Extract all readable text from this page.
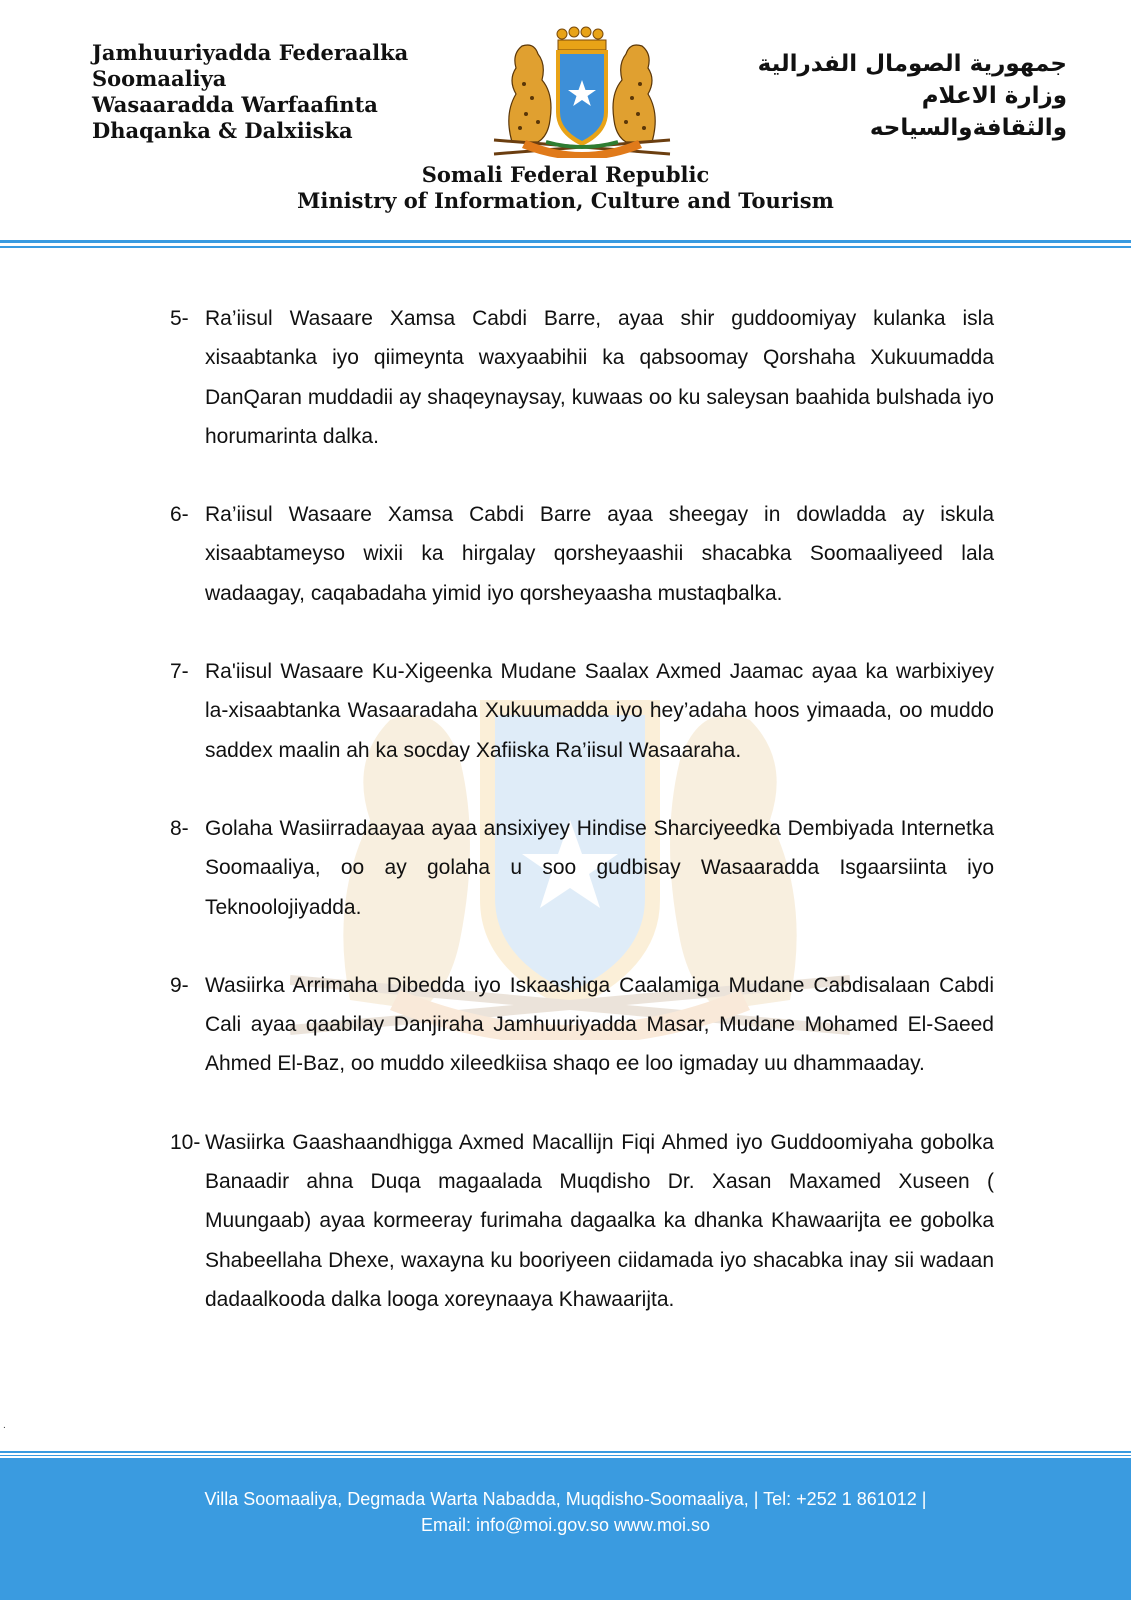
Jamhuuriyadda Federaalka
Soomaaliya
Wasaaradda Warfaafinta
Dhaqanka & Dalxiiska
جمهورية الصومال الفدرالية
وزارة الاعلام
والثقافةوالسياحه
Somali Federal Republic
Ministry of Information, Culture and Tourism
5- Ra’iisul Wasaare Xamsa Cabdi Barre, ayaa shir guddoomiyay kulanka isla xisaabtanka iyo qiimeynta waxyaabihii ka qabsoomay Qorshaha Xukuumadda DanQaran muddadii ay shaqeynaysay, kuwaas oo ku saleysan baahida bulshada iyo horumarinta dalka.

6- Ra’iisul Wasaare Xamsa Cabdi Barre ayaa sheegay in dowladda ay iskula xisaabtameyso wixii ka hirgalay qorsheyaashii shacabka Soomaaliyeed lala wadaagay, caqabadaha yimid iyo qorsheyaasha mustaqbalka.

7- Ra'iisul Wasaare Ku-Xigeenka Mudane Saalax Axmed Jaamac ayaa ka warbixiyey la-xisaabtanka Wasaaradaha Xukuumadda iyo hey’adaha hoos yimaada, oo muddo saddex maalin ah ka socday Xafiiska Ra’iisul Wasaaraha.

8- Golaha Wasiirradaayaa ayaa ansixiyey Hindise Sharciyeedka Dembiyada Internetka Soomaaliya, oo ay golaha u soo gudbisay Wasaaradda Isgaarsiinta iyo Teknoolojiyadda.

9- Wasiirka Arrimaha Dibedda iyo Iskaashiga Caalamiga Mudane Cabdisalaan Cabdi Cali ayaa qaabilay Danjiraha Jamhuuriyadda Masar, Mudane Mohamed El-Saeed Ahmed El-Baz, oo muddo xileedkiisa shaqo ee loo igmaday uu dhammaaday.

10- Wasiirka Gaashaandhigga Axmed Macallijn Fiqi Ahmed iyo Guddoomiyaha gobolka Banaadir ahna Duqa magaalada Muqdisho Dr. Xasan Maxamed Xuseen ( Muungaab) ayaa kormeeray furimaha dagaalka ka dhanka Khawaarijta ee gobolka Shabeellaha Dhexe, waxayna ku booriyeen ciidamada iyo shacabka inay sii wadaan dadaalkooda dalka looga xoreynaaya Khawaarijta.

.
Villa Soomaaliya, Degmada Warta Nabadda, Muqdisho-Soomaaliya, | Tel: +252 1 861012 |
Email: info@moi.gov.so www.moi.so
